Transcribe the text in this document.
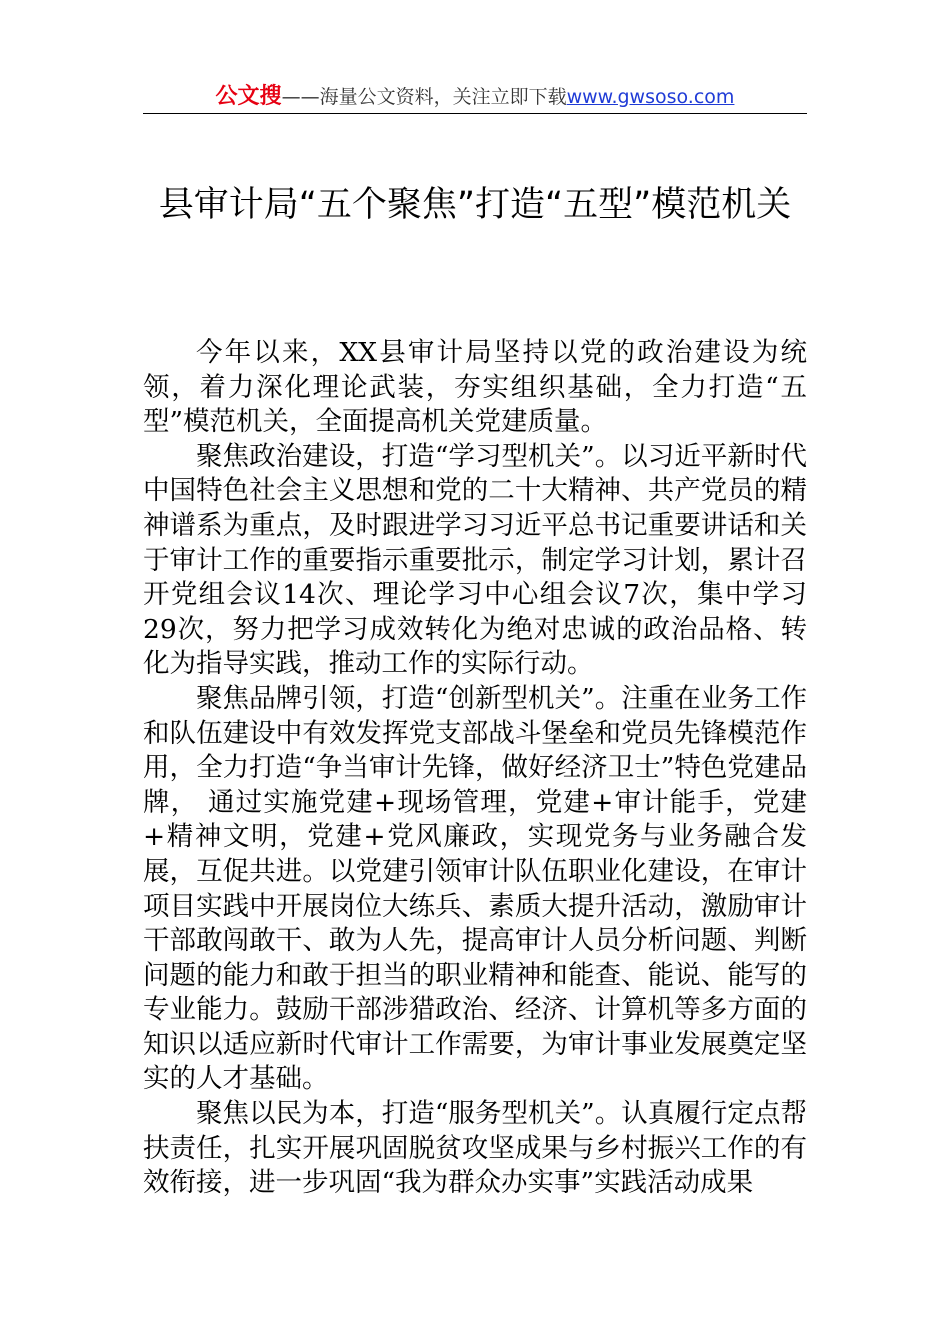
公文搜——海量公文资料，关注立即下载www.gwsoso.com
县审计局“五个聚焦”打造“五型”模范机关

今年以来，XX县审计局坚持以党的政治建设为统领，着力深化理论武装，夯实组织基础，全力打造“五型”模范机关，全面提高机关党建质量。

聚焦政治建设，打造“学习型机关”。以习近平新时代中国特色社会主义思想和党的二十大精神、共产党员的精神谱系为重点，及时跟进学习习近平总书记重要讲话和关于审计工作的重要指示重要批示，制定学习计划，累计召开党组会议14次、理论学习中心组会议7次，集中学习29次，努力把学习成效转化为绝对忠诚的政治品格、转化为指导实践，推动工作的实际行动。

聚焦品牌引领，打造“创新型机关”。注重在业务工作和队伍建设中有效发挥党支部战斗堡垒和党员先锋模范作用，全力打造“争当审计先锋，做好经济卫士”特色党建品牌， 通过实施党建+现场管理，党建+审计能手，党建+精神文明，党建+党风廉政，实现党务与业务融合发展，互促共进。以党建引领审计队伍职业化建设，在审计项目实践中开展岗位大练兵、素质大提升活动，激励审计干部敢闯敢干、敢为人先，提高审计人员分析问题、判断问题的能力和敢于担当的职业精神和能查、能说、能写的专业能力。鼓励干部涉猎政治、经济、计算机等多方面的知识以适应新时代审计工作需要，为审计事业发展奠定坚实的人才基础。

聚焦以民为本，打造“服务型机关”。认真履行定点帮扶责任，扎实开展巩固脱贫攻坚成果与乡村振兴工作的有效衔接，进一步巩固“我为群众办实事”实践活动成果
